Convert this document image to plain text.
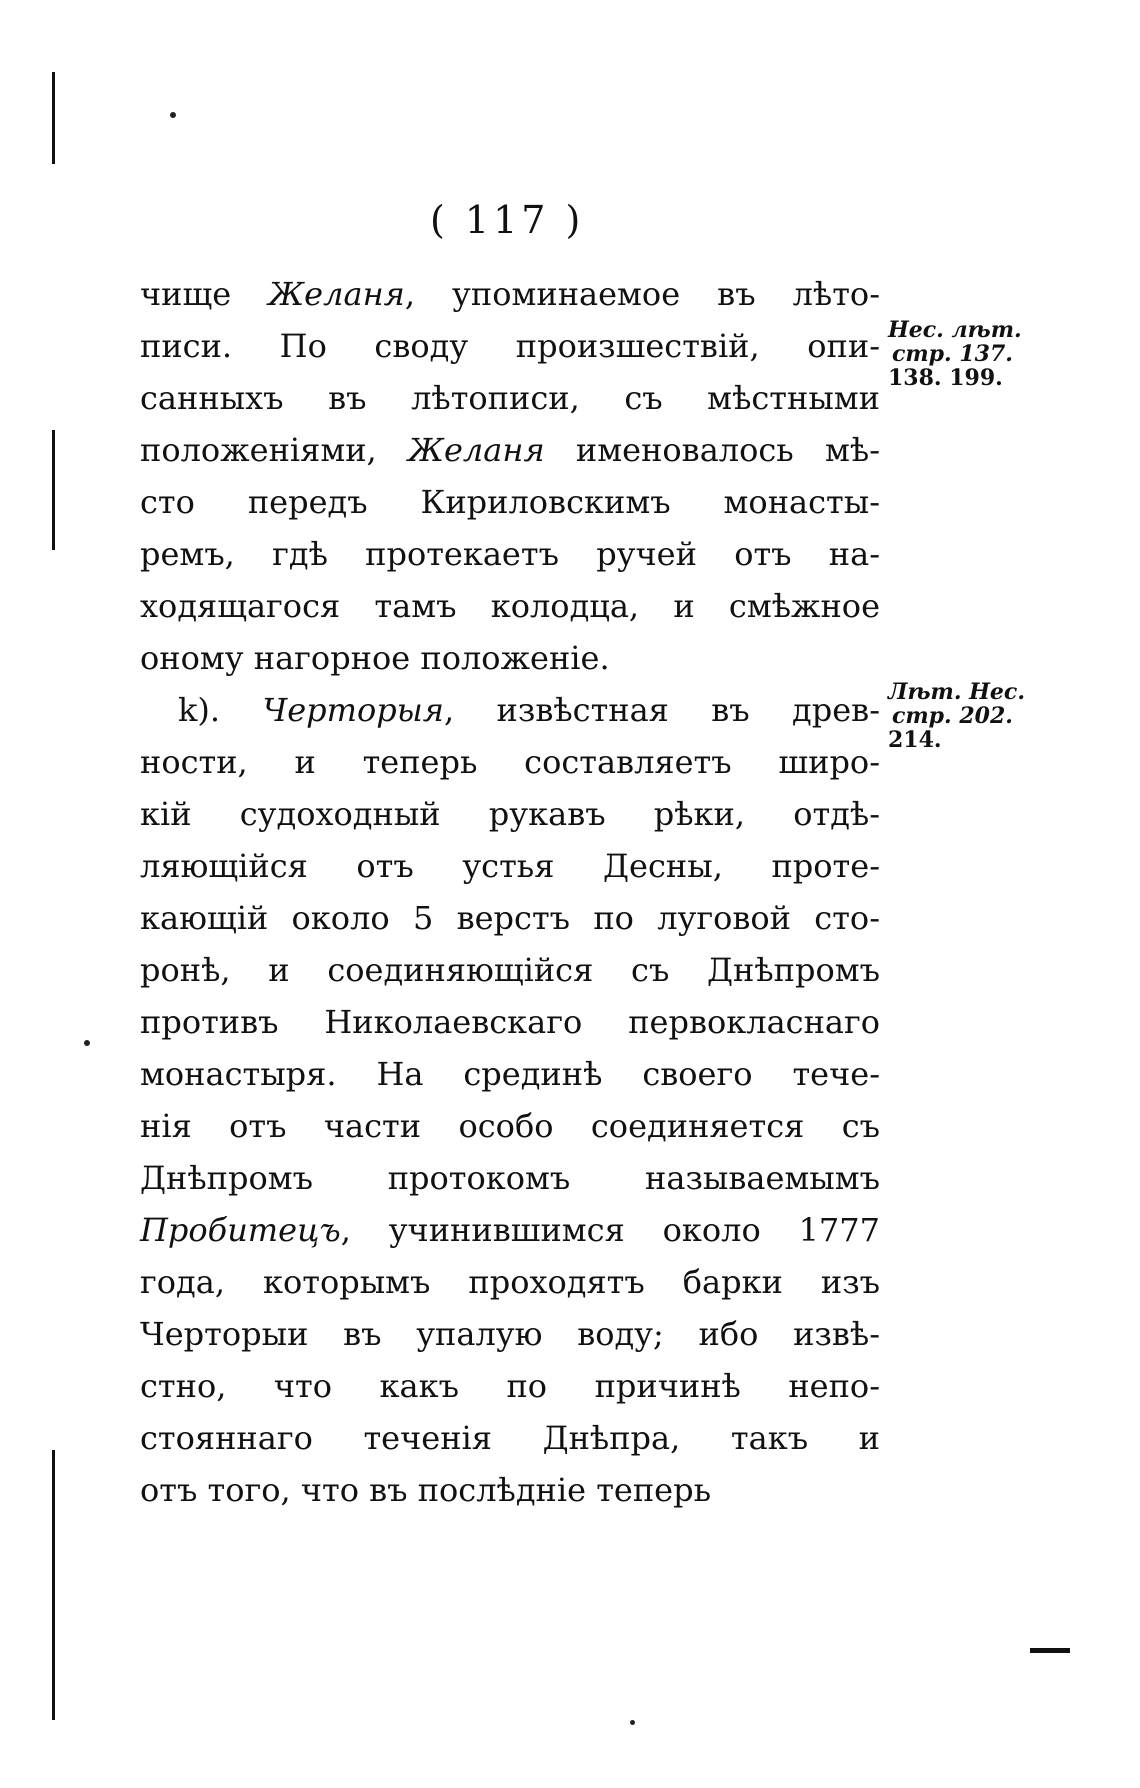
( 117 )
чище Желаня, упоминаемое въ лѣто-
писи. По своду произшествій, опи-
санныхъ въ лѣтописи, съ мѣстными
положеніями, Желаня именовалось мѣ-
сто передъ Кириловскимъ монасты-
ремъ, гдѣ протекаетъ ручей отъ на-
ходящагося тамъ колодца, и смѣжное
оному нагорное положеніе.
k). Черторыя, извѣстная въ древ-
ности, и теперь составляетъ широ-
кій судоходный рукавъ рѣки, отдѣ-
ляющійся отъ устья Десны, проте-
кающій около 5 верстъ по луговой сто-
ронѣ, и соединяющійся съ Днѣпромъ
противъ Николаевскаго первокласнаго
монастыря. На срединѣ своего тече-
нія отъ части особо соединяется съ
Днѣпромъ протокомъ называемымъ
Пробитецъ, учинившимся около 1777
года, которымъ проходятъ барки изъ
Черторыи въ упалую воду; ибо извѣ-
стно, что какъ по причинѣ непо-
стояннаго теченія Днѣпра, такъ и
отъ того, что въ послѣдніе теперь
Нес. лѣт.
стр. 137.
138. 199.
Лѣт. Нес.
стр. 202.
214.
